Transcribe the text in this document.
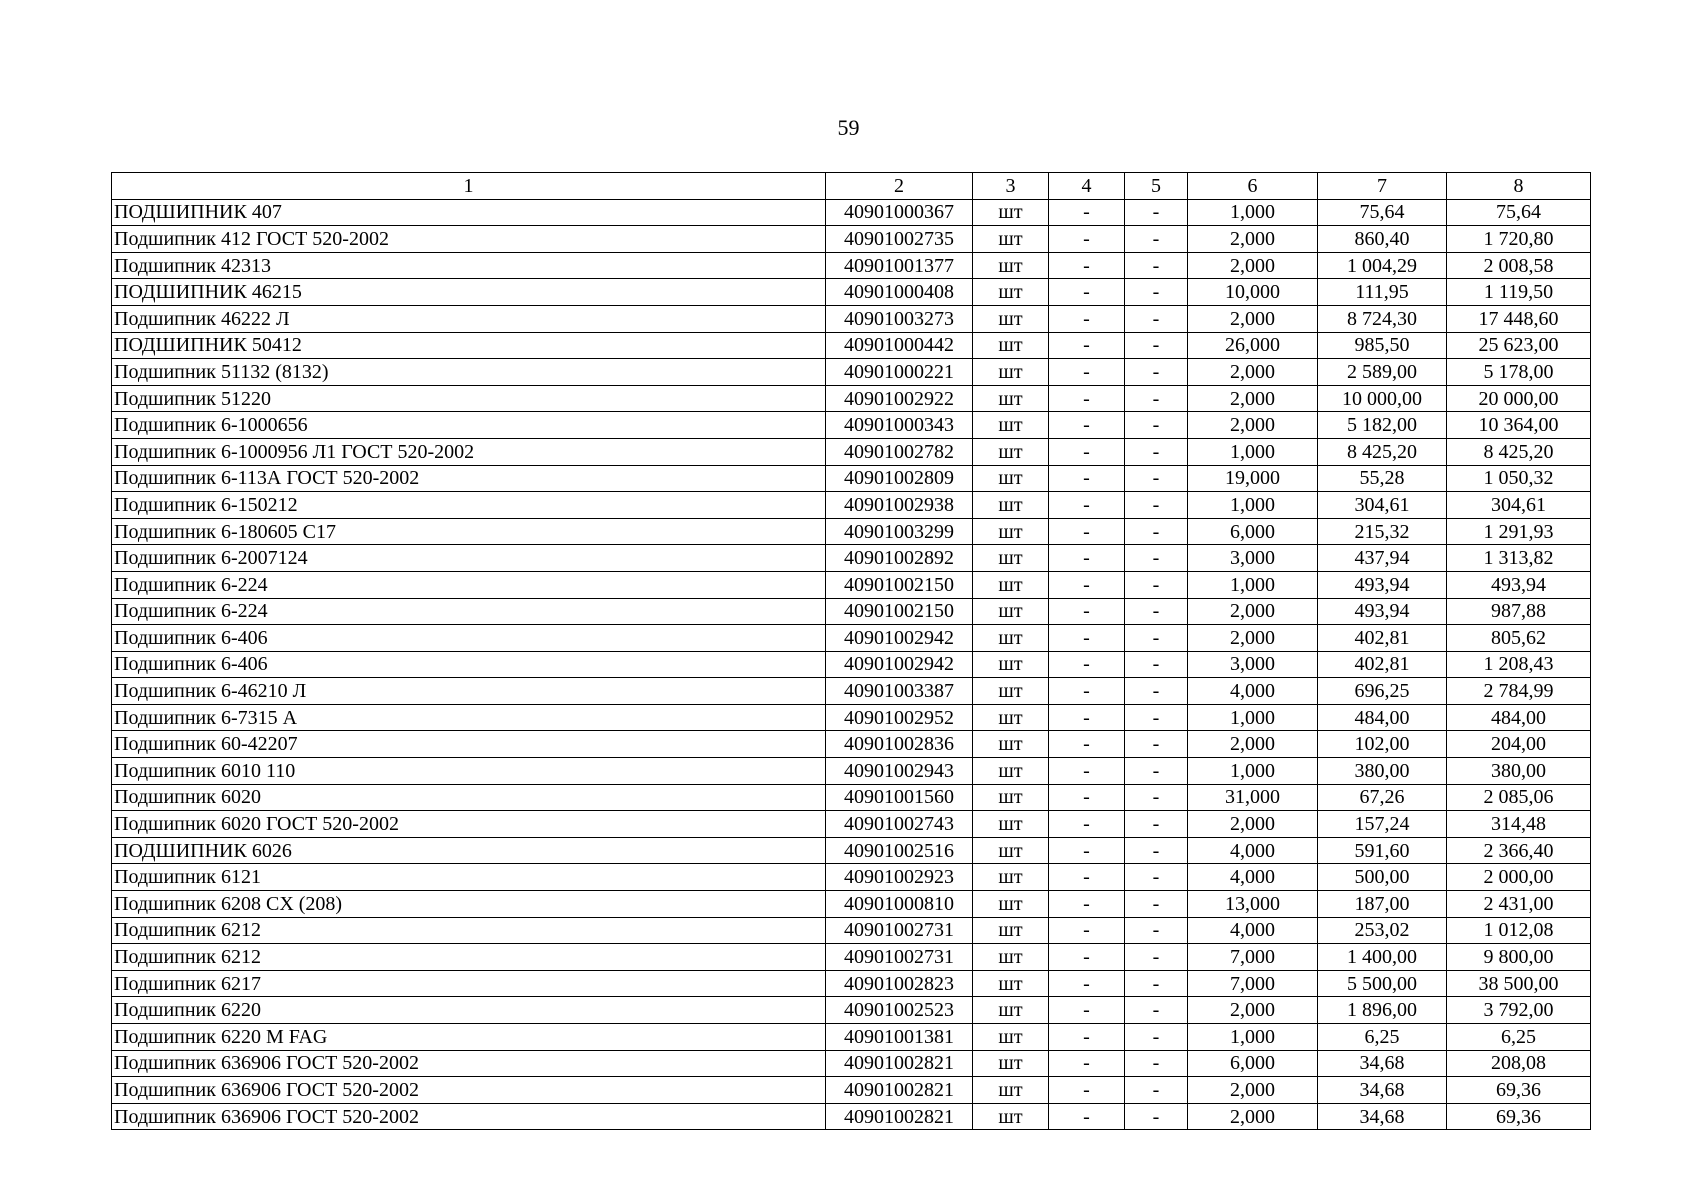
59
1	2	3	4	5	6	7	8
ПОДШИПНИК 407	40901000367	шт	-	-	1,000	75,64	75,64
Подшипник 412 ГОСТ 520-2002	40901002735	шт	-	-	2,000	860,40	1 720,80
Подшипник 42313	40901001377	шт	-	-	2,000	1 004,29	2 008,58
ПОДШИПНИК 46215	40901000408	шт	-	-	10,000	111,95	1 119,50
Подшипник 46222 Л	40901003273	шт	-	-	2,000	8 724,30	17 448,60
ПОДШИПНИК 50412	40901000442	шт	-	-	26,000	985,50	25 623,00
Подшипник 51132 (8132)	40901000221	шт	-	-	2,000	2 589,00	5 178,00
Подшипник 51220	40901002922	шт	-	-	2,000	10 000,00	20 000,00
Подшипник 6-1000656	40901000343	шт	-	-	2,000	5 182,00	10 364,00
Подшипник 6-1000956 Л1 ГОСТ 520-2002	40901002782	шт	-	-	1,000	8 425,20	8 425,20
Подшипник 6-113А ГОСТ 520-2002	40901002809	шт	-	-	19,000	55,28	1 050,32
Подшипник 6-150212	40901002938	шт	-	-	1,000	304,61	304,61
Подшипник 6-180605 С17	40901003299	шт	-	-	6,000	215,32	1 291,93
Подшипник 6-2007124	40901002892	шт	-	-	3,000	437,94	1 313,82
Подшипник 6-224	40901002150	шт	-	-	1,000	493,94	493,94
Подшипник 6-224	40901002150	шт	-	-	2,000	493,94	987,88
Подшипник 6-406	40901002942	шт	-	-	2,000	402,81	805,62
Подшипник 6-406	40901002942	шт	-	-	3,000	402,81	1 208,43
Подшипник 6-46210 Л	40901003387	шт	-	-	4,000	696,25	2 784,99
Подшипник 6-7315 А	40901002952	шт	-	-	1,000	484,00	484,00
Подшипник 60-42207	40901002836	шт	-	-	2,000	102,00	204,00
Подшипник 6010 110	40901002943	шт	-	-	1,000	380,00	380,00
Подшипник 6020	40901001560	шт	-	-	31,000	67,26	2 085,06
Подшипник 6020 ГОСТ 520-2002	40901002743	шт	-	-	2,000	157,24	314,48
ПОДШИПНИК 6026	40901002516	шт	-	-	4,000	591,60	2 366,40
Подшипник 6121	40901002923	шт	-	-	4,000	500,00	2 000,00
Подшипник 6208 CX (208)	40901000810	шт	-	-	13,000	187,00	2 431,00
Подшипник 6212	40901002731	шт	-	-	4,000	253,02	1 012,08
Подшипник 6212	40901002731	шт	-	-	7,000	1 400,00	9 800,00
Подшипник 6217	40901002823	шт	-	-	7,000	5 500,00	38 500,00
Подшипник 6220	40901002523	шт	-	-	2,000	1 896,00	3 792,00
Подшипник 6220 M FAG	40901001381	шт	-	-	1,000	6,25	6,25
Подшипник 636906 ГОСТ 520-2002	40901002821	шт	-	-	6,000	34,68	208,08
Подшипник 636906 ГОСТ 520-2002	40901002821	шт	-	-	2,000	34,68	69,36
Подшипник 636906 ГОСТ 520-2002	40901002821	шт	-	-	2,000	34,68	69,36
